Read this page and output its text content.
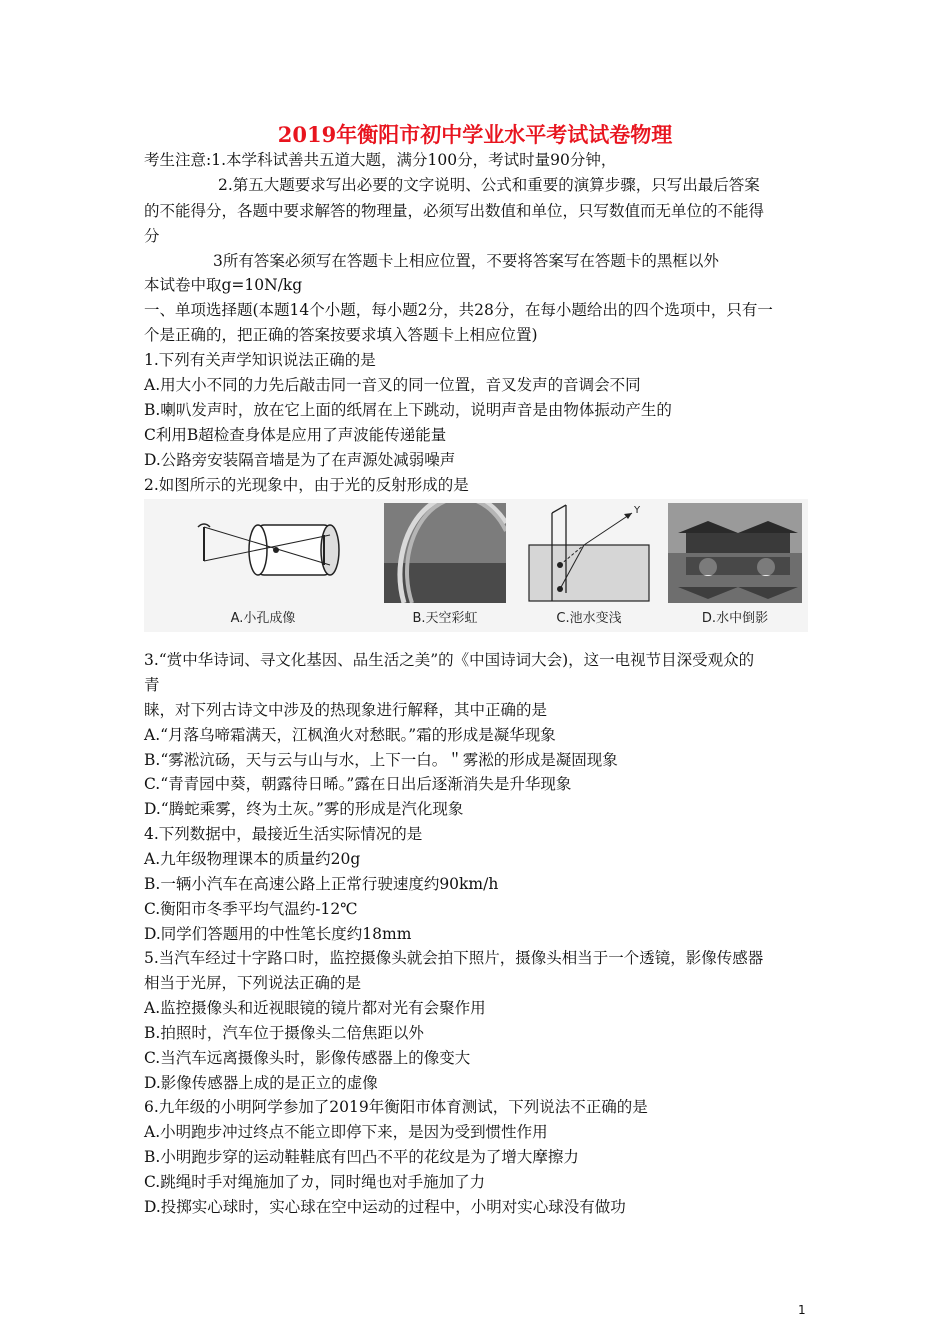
2019年衡阳市初中学业水平考试试卷物理
考生注意:1.本学科试善共五道大题，满分100分，考试时量90分钟，
2.第五大题要求写出必要的文字说明、公式和重要的演算步骤，只写出最后答案
的不能得分，各题中要求解答的物理量，必须写出数值和单位，只写数值而无单位的不能得
分
3所有答案必须写在答题卡上相应位置，不要将答案写在答题卡的黑框以外
本试卷中取g=10N/kg
一、单项选择题(本题14个小题，每小题2分，共28分，在每小题给出的四个选项中，只有一
个是正确的，把正确的答案按要求填入答题卡上相应位置)
1.下列有关声学知识说法正确的是
A.用大小不同的力先后敲击同一音叉的同一位置，音叉发声的音调会不同
B.喇叭发声时，放在它上面的纸屑在上下跳动，说明声音是由物体振动产生的
C利用B超检查身体是应用了声波能传递能量
D.公路旁安装隔音墙是为了在声源处减弱噪声
2.如图所示的光现象中，由于光的反射形成的是
A.小孔成像	B.天空彩虹
Y
C.池水变浅	D.水中倒影
3.“赏中华诗词、寻文化基因、品生活之美”的《中国诗词大会)，这一电视节目深受观众的
青
睐，对下列古诗文中涉及的热现象进行解释，其中正确的是
A.“月落乌啼霜满天，江枫渔火对愁眠。”霜的形成是凝华现象
B.“雾淞沆砀，天与云与山与水，上下一白。＂雾淞的形成是凝固现象
C.“青青园中葵，朝露待日晞。”露在日出后逐渐消失是升华现象
D.“腾蛇乘雾，终为土灰。”雾的形成是汽化现象
4.下列数据中，最接近生活实际情况的是
A.九年级物理课本的质量约20g
B.一辆小汽车在高速公路上正常行驶速度约90km/h
C.衡阳市冬季平均气温约-12℃
D.同学们答题用的中性笔长度约18mm
5.当汽车经过十字路口时，监控摄像头就会拍下照片，摄像头相当于一个透镜，影像传感器
相当于光屏，下列说法正确的是
A.监控摄像头和近视眼镜的镜片都对光有会聚作用
B.拍照时，汽车位于摄像头二倍焦距以外
C.当汽车远离摄像头时，影像传感器上的像变大
D.影像传感器上成的是正立的虚像
6.九年级的小明阿学参加了2019年衡阳市体育测试，下列说法不正确的是
A.小明跑步冲过终点不能立即停下来，是因为受到惯性作用
B.小明跑步穿的运动鞋鞋底有凹凸不平的花纹是为了增大摩擦力
C.跳绳时手对绳施加了カ，同时绳也对手施加了力
D.投掷实心球时，实心球在空中运动的过程中，小明对实心球没有做功
1
